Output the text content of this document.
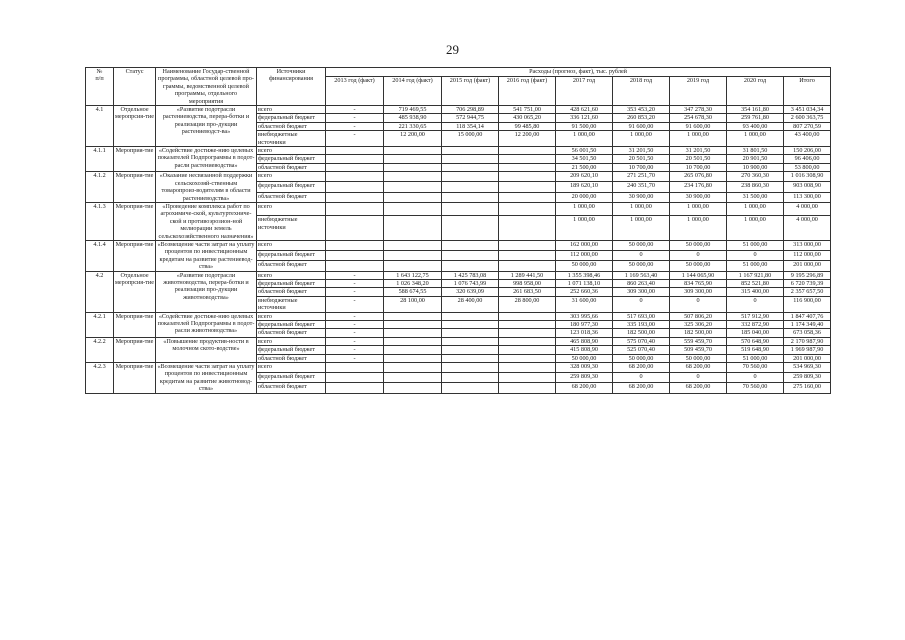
29
№
п/п	Статус	Наименование Государ-ственной программы, областной целевой про-граммы, ведомственной целевой программы, отдельного мероприятия	Источники финансирования	Расходы (прогноз, факт), тыс. рублей								
				2013 год (факт)	2014 год (факт)	2015 год (факт)	2016 год (факт)	2017 год	2018 год	2019 год	2020 год	Итого
4.1	Отдельное меропрсия-тие	«Развитие подотрасли растениеводства, перера-ботки и реализации про-дукции растениеводст-ва»	всего	-	719 469,55	706 298,89	541 751,00	428 621,60	353 453,20	347 278,30	354 161,80	3 451 034,34
			федеральный бюджет	-	485 938,90	572 944,75	430 065,20	336 121,60	260 853,20	254 678,30	259 761,80	2 600 363,75
			областной бюджет	-	221 330,65	118 354,14	99 485,80	91 500,00	91 600,00	91 600,00	93 400,00	807 270,59
			внебюджетные источники	-	12 200,00	15 000,00	12 200,00	1 000,00	1 000,00	1 000,00	1 000,00	43 400,00
4.1.1	Мероприя-тие	«Содействие достиже-нию целевых показателей Подпрограммы в подот-расли растениеводства»	всего					56 001,50	31 201,50	31 201,50	31 801,50	150 206,00
			федеральный бюджет					34 501,50	20 501,50	20 501,50	20 901,50	96 406,00
			областной бюджет					21 500,00	10 700,00	10 700,00	10 900,00	53 800,00
4.1.2	Мероприя-тие	«Оказание несвязанной поддержки сельскохозяй-ственным товаропроиз-водителям в области растениеводства»	всего					209 620,10	271 251,70	265 076,80	270 360,30	1 016 308,90
			федеральный бюджет					189 620,10	240 351,70	234 176,80	238 860,30	903 008,90
			областной бюджет					20 000,00	30 900,00	30 900,00	31 500,00	113 300,00
4.1.3	Мероприя-тие	«Проведение комплекса работ по агрохимиче-ской, культуртехниче-ской и противоэрозион-ной мелиорации земель сельскохозяйственного назначения»	всего					1 000,00	1 000,00	1 000,00	1 000,00	4 000,00
			внебюджетные источники					1 000,00	1 000,00	1 000,00	1 000,00	4 000,00
4.1.4	Мероприя-тие	«Возмещение части затрат на уплату процентов по инвестиционным кредитам на развитие растениевод-ства»	всего					162 000,00	50 000,00	50 000,00	51 000,00	313 000,00
			федеральный бюджет					112 000,00	0	0	0	112 000,00
			областной бюджет					50 000,00	50 000,00	50 000,00	51 000,00	201 000,00
4.2	Отдельное меропрсия-тие	«Развитие подотрасли животноводства, перера-ботки и реализации про-дукции животноводства»	всего	-	1 643 122,75	1 425 783,08	1 289 441,50	1 355 398,46	1 169 563,40	1 144 065,90	1 167 921,80	9 195 296,89
			федеральный бюджет	-	1 026 348,20	1 076 743,99	998 958,00	1 071 138,10	860 263,40	834 765,90	852 521,80	6 720 739,39
			областной бюджет	-	588 674,55	320 639,09	261 683,50	252 660,36	309 300,00	309 300,00	315 400,00	2 357 657,50
			внебюджетные источники	-	28 100,00	28 400,00	28 800,00	31 600,00	0	0	0	116 900,00
4.2.1	Мероприя-тие	«Содействие достиже-нию целевых показателей Подпрограммы в подот-расли животноводства»	всего	-				303 995,66	517 693,00	507 806,20	517 912,90	1 847 407,76
			федеральный бюджет	-				180 977,30	335 193,00	325 306,20	332 872,90	1 174 349,40
			областной бюджет	-				123 018,36	182 500,00	182 500,00	185 040,00	673 058,36
4.2.2	Мероприя-тие	«Повышение продуктив-ности в молочном ското-водстве»	всего	-				465 808,90	575 070,40	559 459,70	570 648,90	2 170 987,90
			федеральный бюджет	-				415 808,90	525 070,40	509 459,70	519 648,90	1 969 987,90
			областной бюджет	-				50 000,00	50 000,00	50 000,00	51 000,00	201 000,00
4.2.3	Мероприя-тие	«Возмещение части затрат на уплату процентов по инвестиционным кредитам на развитие животновод-ства»	всего					328 009,30	68 200,00	68 200,00	70 560,00	534 969,30
			федеральный бюджет					259 809,30	0	0	0	259 809,30
			областной бюджет					68 200,00	68 200,00	68 200,00	70 560,00	275 160,00
